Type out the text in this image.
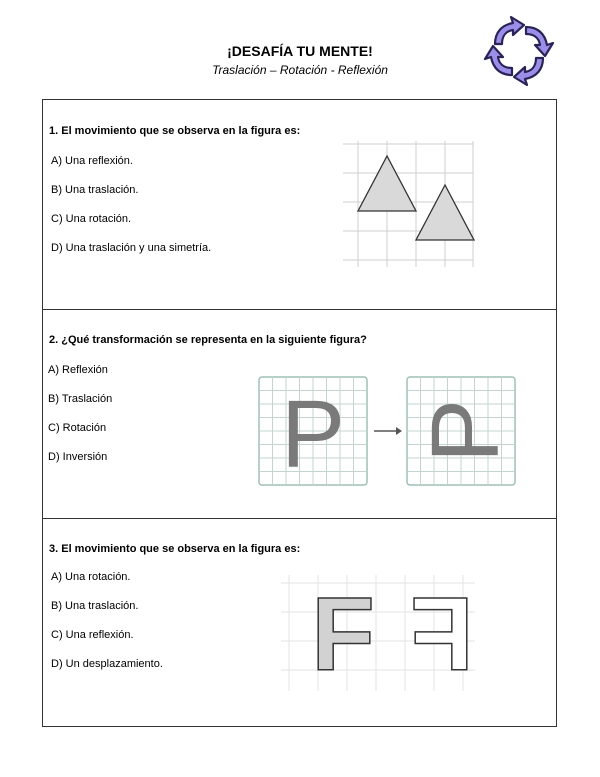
¡DESAFÍA TU MENTE!
Traslación – Rotación - Reflexión
1. El movimiento que se observa en la figura es:
A) Una reflexión.
B) Una traslación.
C) Una rotación.
D) Una traslación y una simetría.
2. ¿Qué transformación se representa en la siguiente figura?
A) Reflexión
B) Traslación
C) Rotación
D) Inversión P P
3. El movimiento que se observa en la figura es:
A) Una rotación.
B) Una traslación.
C) Una reflexión.
D) Un desplazamiento. F F
